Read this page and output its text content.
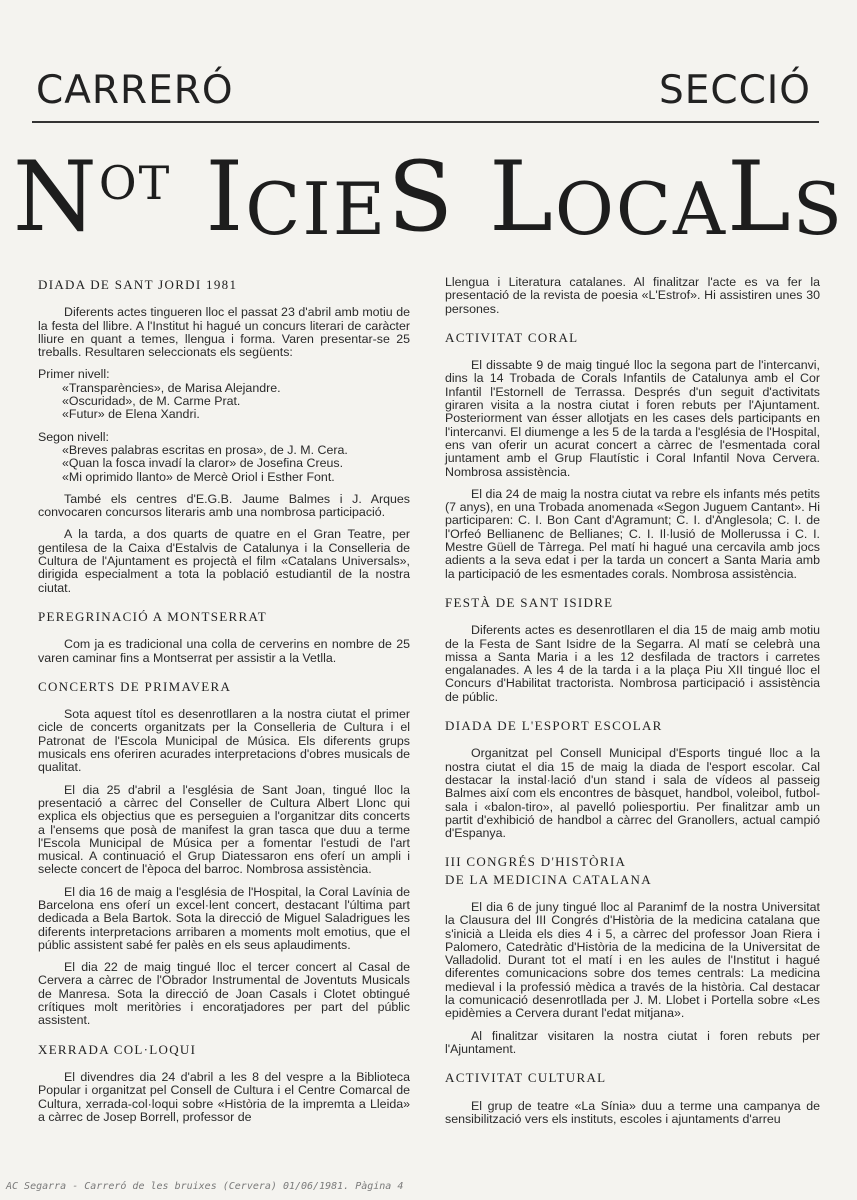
CARRERÓ	SECCIÓ
N OT I CIE S L OCA L S
DIADA DE SANT JORDI 1981

Diferents actes tingueren lloc el passat 23 d'abril amb motiu de la festa del llibre. A l'Institut hi hagué un concurs literari de caràcter lliure en quant a temes, llengua i forma. Varen presentar-se 25 treballs. Resultaren seleccionats els següents:

Primer nivell:

«Transparències», de Marisa Alejandre.

«Oscuridad», de M. Carme Prat.

«Futur» de Elena Xandri.

Segon nivell:

«Breves palabras escritas en prosa», de J. M. Cera.

«Quan la fosca invadí la claror» de Josefina Creus.

«Mi oprimido llanto» de Mercè Oriol i Esther Font.

També els centres d'E.G.B. Jaume Balmes i J. Arques convocaren concursos literaris amb una nombrosa participació.

A la tarda, a dos quarts de quatre en el Gran Teatre, per gentilesa de la Caixa d'Estalvis de Catalunya i la Conselleria de Cultura de l'Ajuntament es projectà el film «Catalans Universals», dirigida especialment a tota la població estudiantil de la nostra ciutat.

PEREGRINACIÓ A MONTSERRAT

Com ja es tradicional una colla de cerverins en nombre de 25 varen caminar fins a Montserrat per assistir a la Vetlla.

CONCERTS DE PRIMAVERA

Sota aquest títol es desenrotllaren a la nostra ciutat el primer cicle de concerts organitzats per la Conselleria de Cultura i el Patronat de l'Escola Municipal de Música. Els diferents grups musicals ens oferiren acurades interpretacions d'obres musicals de qualitat.

El dia 25 d'abril a l'església de Sant Joan, tingué lloc la presentació a càrrec del Conseller de Cultura Albert Llonc qui explica els objectius que es perseguien a l'organitzar dits concerts a l'ensems que posà de manifest la gran tasca que duu a terme l'Escola Municipal de Música per a fomentar l'estudi de l'art musical. A continuació el Grup Diatessaron ens oferí un ampli i selecte concert de l'època del barroc. Nombrosa assistència.

El dia 16 de maig a l'església de l'Hospital, la Coral Lavínia de Barcelona ens oferí un excel·lent concert, destacant l'última part dedicada a Bela Bartok. Sota la direcció de Miguel Saladrigues les diferents interpretacions arribaren a moments molt emotius, que el públic assistent sabé fer palès en els seus aplaudiments.

El dia 22 de maig tingué lloc el tercer concert al Casal de Cervera a càrrec de l'Obrador Instrumental de Joventuts Musicals de Manresa. Sota la direcció de Joan Casals i Clotet obtingué crítiques molt meritòries i encoratjadores per part del públic assistent.

XERRADA COL·LOQUI

El divendres dia 24 d'abril a les 8 del vespre a la Biblioteca Popular i organitzat pel Consell de Cultura i el Centre Comarcal de Cultura, xerrada-col·loqui sobre «Història de la impremta a Lleida» a càrrec de Josep Borrell, professor de

Llengua i Literatura catalanes. Al finalitzar l'acte es va fer la presentació de la revista de poesia «L'Estrof». Hi assistiren unes 30 persones.

ACTIVITAT CORAL

El dissabte 9 de maig tingué lloc la segona part de l'intercanvi, dins la 14 Trobada de Corals Infantils de Catalunya amb el Cor Infantil l'Estornell de Terrassa. Després d'un seguit d'activitats giraren visita a la nostra ciutat i foren rebuts per l'Ajuntament. Posteriorment van ésser allotjats en les cases dels participants en l'intercanvi. El diumenge a les 5 de la tarda a l'església de l'Hospital, ens van oferir un acurat concert a càrrec de l'esmentada coral juntament amb el Grup Flautístic i Coral Infantil Nova Cervera. Nombrosa assistència.

El dia 24 de maig la nostra ciutat va rebre els infants més petits (7 anys), en una Trobada anomenada «Segon Juguem Cantant». Hi participaren: C. I. Bon Cant d'Agramunt; C. I. d'Anglesola; C. I. de l'Orfeó Bellianenc de Bellianes; C. I. Il·lusió de Mollerussa i C. I. Mestre Güell de Tàrrega. Pel matí hi hagué una cercavila amb jocs adients a la seva edat i per la tarda un concert a Santa Maria amb la participació de les esmentades corals. Nombrosa assistència.

FESTÀ DE SANT ISIDRE

Diferents actes es desenrotllaren el dia 15 de maig amb motiu de la Festa de Sant Isidre de la Segarra. Al matí se celebrà una missa a Santa Maria i a les 12 desfilada de tractors i carretes engalanades. A les 4 de la tarda i a la plaça Piu XII tingué lloc el Concurs d'Habilitat tractorista. Nombrosa participació i assistència de públic.

DIADA DE L'ESPORT ESCOLAR

Organitzat pel Consell Municipal d'Esports tingué lloc a la nostra ciutat el dia 15 de maig la diada de l'esport escolar. Cal destacar la instal·lació d'un stand i sala de vídeos al passeig Balmes així com els encontres de bàsquet, handbol, voleibol, futbol-sala i «balon-tiro», al pavelló poliesportiu. Per finalitzar amb un partit d'exhibició de handbol a càrrec del Granollers, actual campió d'Espanya.

III CONGRÉS D'HISTÒRIA
DE LA MEDICINA CATALANA

El dia 6 de juny tingué lloc al Paranimf de la nostra Universitat la Clausura del III Congrés d'Història de la medicina catalana que s'inicià a Lleida els dies 4 i 5, a càrrec del professor Joan Riera i Palomero, Catedràtic d'Història de la medicina de la Universitat de Valladolid. Durant tot el matí i en les aules de l'Institut i hagué diferentes comunicacions sobre dos temes centrals: La medicina medieval i la professió mèdica a través de la història. Cal destacar la comunicació desenrotllada per J. M. Llobet i Portella sobre «Les epidèmies a Cervera durant l'edat mitjana».

Al finalitzar visitaren la nostra ciutat i foren rebuts per l'Ajuntament.

ACTIVITAT CULTURAL

El grup de teatre «La Sínia» duu a terme una campanya de sensibilització vers els instituts, escoles i ajuntaments d'arreu

AC Segarra - Carreró de les bruixes (Cervera) 01/06/1981. Pàgina 4
